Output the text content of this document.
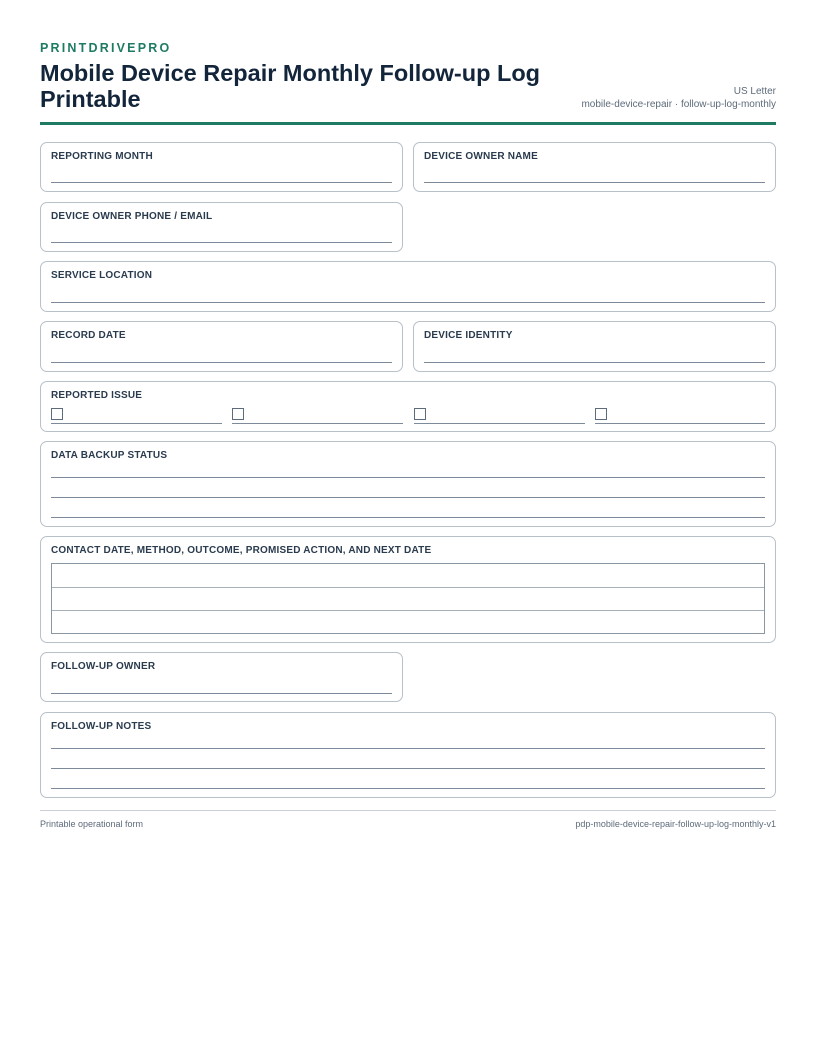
PRINTDRIVEPRO
Mobile Device Repair Monthly Follow-up Log Printable	US Letter
mobile-device-repair · follow-up-log-monthly
REPORTING MONTH	DEVICE OWNER NAME
DEVICE OWNER PHONE / EMAIL
SERVICE LOCATION
RECORD DATE	DEVICE IDENTITY
REPORTED ISSUE
DATA BACKUP STATUS
CONTACT DATE, METHOD, OUTCOME, PROMISED ACTION, AND NEXT DATE
FOLLOW-UP OWNER
FOLLOW-UP NOTES
Printable operational form	pdp-mobile-device-repair-follow-up-log-monthly-v1
